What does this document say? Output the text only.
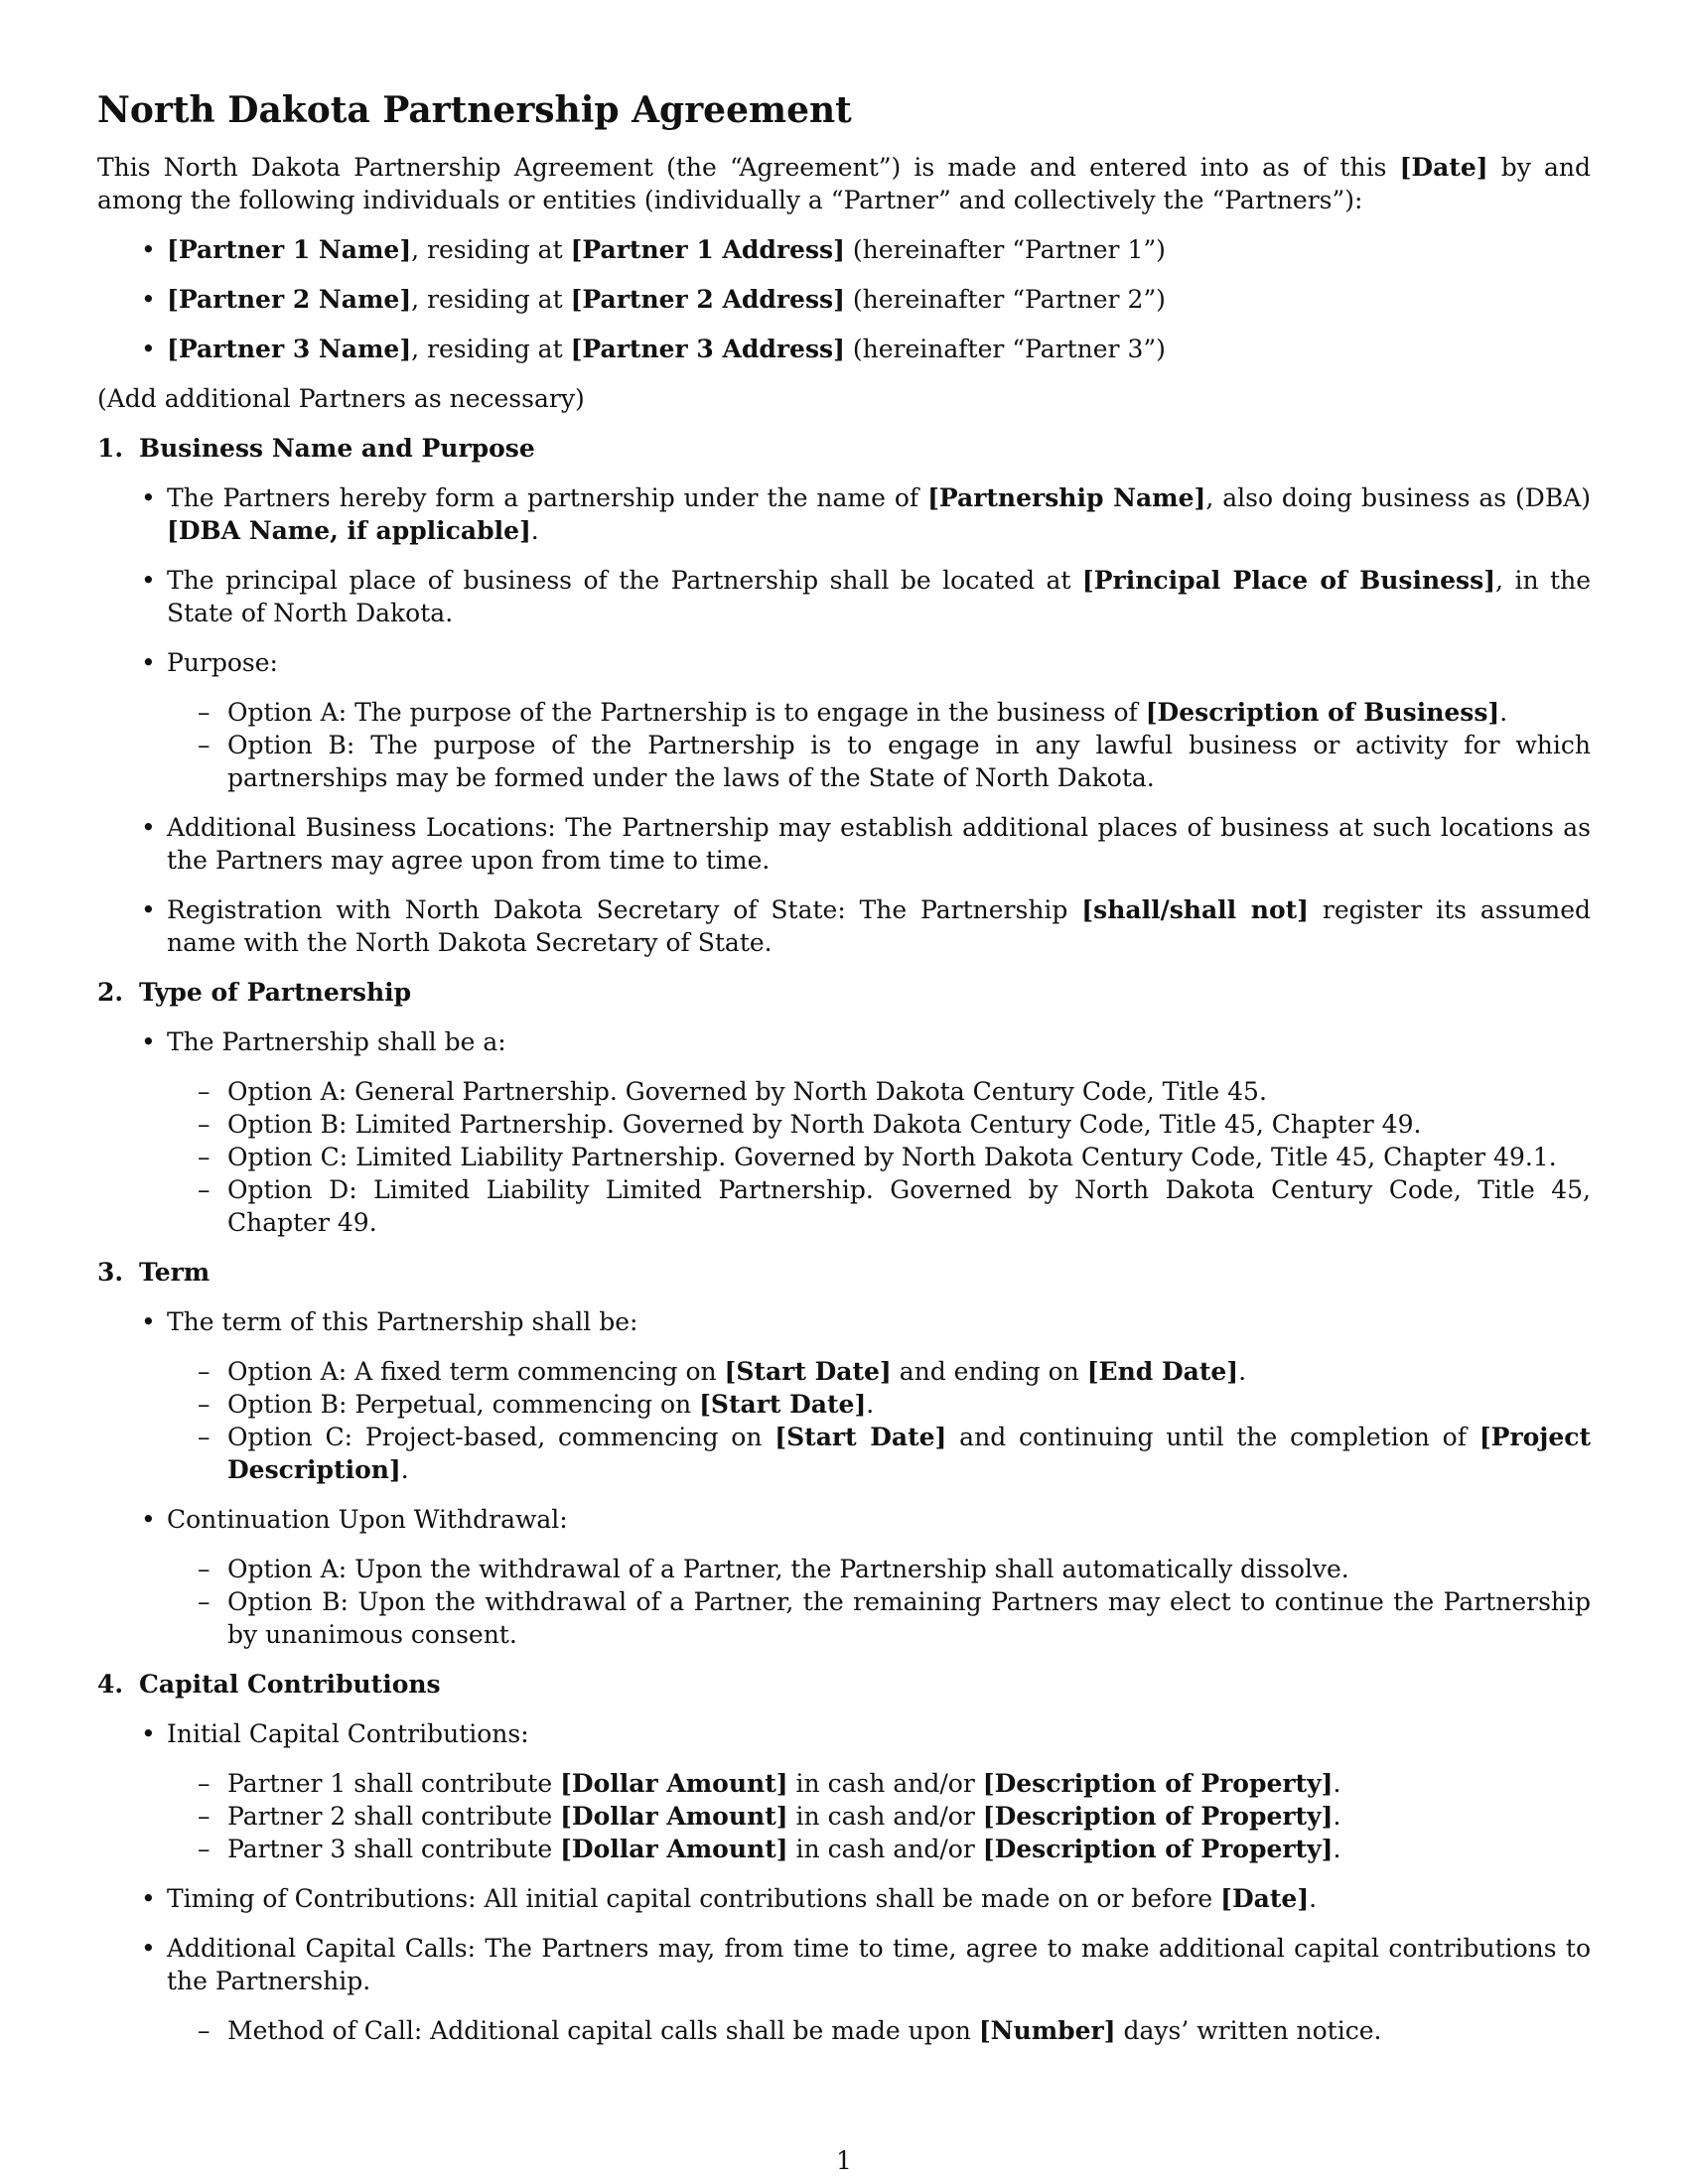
North Dakota Partnership Agreement

This North Dakota Partnership Agreement (the “Agreement”) is made and entered into as of this [Date] by and among the following individuals or entities (individually a “Partner” and collectively the “Partners”):

• [Partner 1 Name], residing at [Partner 1 Address] (hereinafter “Partner 1”)
• [Partner 2 Name], residing at [Partner 2 Address] (hereinafter “Partner 2”)
• [Partner 3 Name], residing at [Partner 3 Address] (hereinafter “Partner 3”)
(Add additional Partners as necessary)
1. Business Name and Purpose
• The Partners hereby form a partnership under the name of [Partnership Name], also doing business as (DBA) [DBA Name, if applicable].
• The principal place of business of the Partnership shall be located at [Principal Place of Business], in the State of North Dakota.
• Purpose:
– Option A: The purpose of the Partnership is to engage in the business of [Description of Business].
– Option B: The purpose of the Partnership is to engage in any lawful business or activity for which partnerships may be formed under the laws of the State of North Dakota.
• Additional Business Locations: The Partnership may establish additional places of business at such locations as the Partners may agree upon from time to time.
• Registration with North Dakota Secretary of State: The Partnership [shall/shall not] register its assumed name with the North Dakota Secretary of State.
2. Type of Partnership
• The Partnership shall be a:
– Option A: General Partnership. Governed by North Dakota Century Code, Title 45.
– Option B: Limited Partnership. Governed by North Dakota Century Code, Title 45, Chapter 49.
– Option C: Limited Liability Partnership. Governed by North Dakota Century Code, Title 45, Chapter 49.1.
– Option D: Limited Liability Limited Partnership. Governed by North Dakota Century Code, Title 45, Chapter 49.
3. Term
• The term of this Partnership shall be:
– Option A: A fixed term commencing on [Start Date] and ending on [End Date].
– Option B: Perpetual, commencing on [Start Date].
– Option C: Project-based, commencing on [Start Date] and continuing until the completion of [Project Description].
• Continuation Upon Withdrawal:
– Option A: Upon the withdrawal of a Partner, the Partnership shall automatically dissolve.
– Option B: Upon the withdrawal of a Partner, the remaining Partners may elect to continue the Partnership by unanimous consent.
4. Capital Contributions
• Initial Capital Contributions:
– Partner 1 shall contribute [Dollar Amount] in cash and/or [Description of Property].
– Partner 2 shall contribute [Dollar Amount] in cash and/or [Description of Property].
– Partner 3 shall contribute [Dollar Amount] in cash and/or [Description of Property].
• Timing of Contributions: All initial capital contributions shall be made on or before [Date].
• Additional Capital Calls: The Partners may, from time to time, agree to make additional capital contributions to the Partnership.
– Method of Call: Additional capital calls shall be made upon [Number] days’ written notice.
1
